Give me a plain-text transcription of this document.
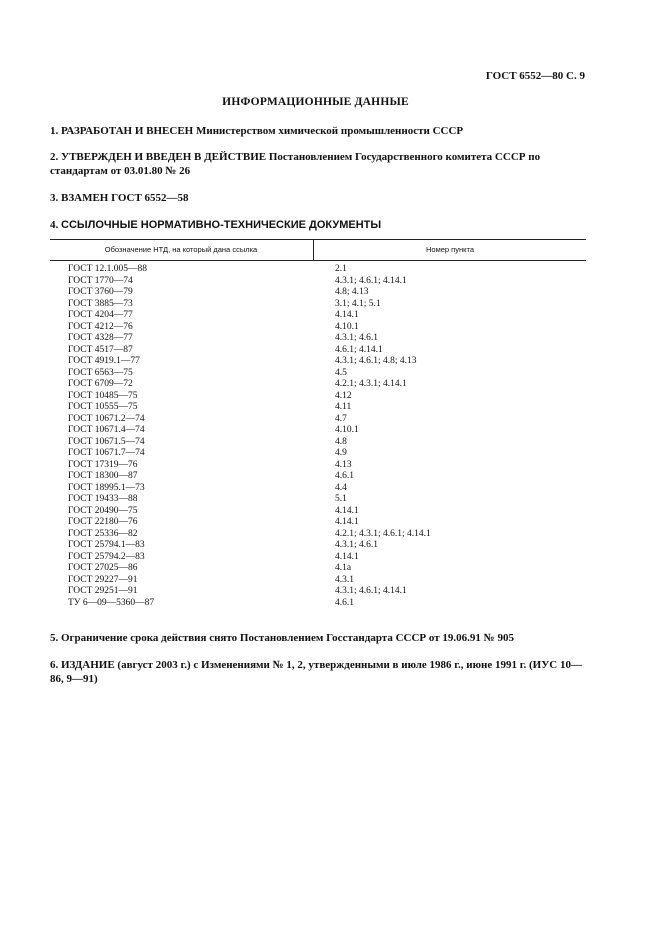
ГОСТ 6552—80 С. 9
ИНФОРМАЦИОННЫЕ ДАННЫЕ
1. РАЗРАБОТАН И ВНЕСЕН Министерством химической промышленности СССР
2. УТВЕРЖДЕН И ВВЕДЕН В ДЕЙСТВИЕ Постановлением Государственного комитета СССР по стандартам от 03.01.80 № 26
3. ВЗАМЕН ГОСТ 6552—58
4. ССЫЛОЧНЫЕ НОРМАТИВНО-ТЕХНИЧЕСКИЕ ДОКУМЕНТЫ
Обозначение НТД, на который дана ссылка	Номер пункта
ГОСТ 12.1.005—88	2.1
ГОСТ 1770—74	4.3.1; 4.6.1; 4.14.1
ГОСТ 3760—79	4.8; 4.13
ГОСТ 3885—73	3.1; 4.1; 5.1
ГОСТ 4204—77	4.14.1
ГОСТ 4212—76	4.10.1
ГОСТ 4328—77	4.3.1; 4.6.1
ГОСТ 4517—87	4.6.1; 4.14.1
ГОСТ 4919.1—77	4.3.1; 4.6.1; 4.8; 4.13
ГОСТ 6563—75	4.5
ГОСТ 6709—72	4.2.1; 4.3.1; 4.14.1
ГОСТ 10485—75	4.12
ГОСТ 10555—75	4.11
ГОСТ 10671.2—74	4.7
ГОСТ 10671.4—74	4.10.1
ГОСТ 10671.5—74	4.8
ГОСТ 10671.7—74	4.9
ГОСТ 17319—76	4.13
ГОСТ 18300—87	4.6.1
ГОСТ 18995.1—73	4.4
ГОСТ 19433—88	5.1
ГОСТ 20490—75	4.14.1
ГОСТ 22180—76	4.14.1
ГОСТ 25336—82	4.2.1; 4.3.1; 4.6.1; 4.14.1
ГОСТ 25794.1—83	4.3.1; 4.6.1
ГОСТ 25794.2—83	4.14.1
ГОСТ 27025—86	4.1а
ГОСТ 29227—91	4.3.1
ГОСТ 29251—91	4.3.1; 4.6.1; 4.14.1
ТУ 6—09—5360—87	4.6.1
5. Ограничение срока действия снято Постановлением Госстандарта СССР от 19.06.91 № 905
6. ИЗДАНИЕ (август 2003 г.) с Изменениями № 1, 2, утвержденными в июле 1986 г., июне 1991 г. (ИУС 10—86, 9—91)
